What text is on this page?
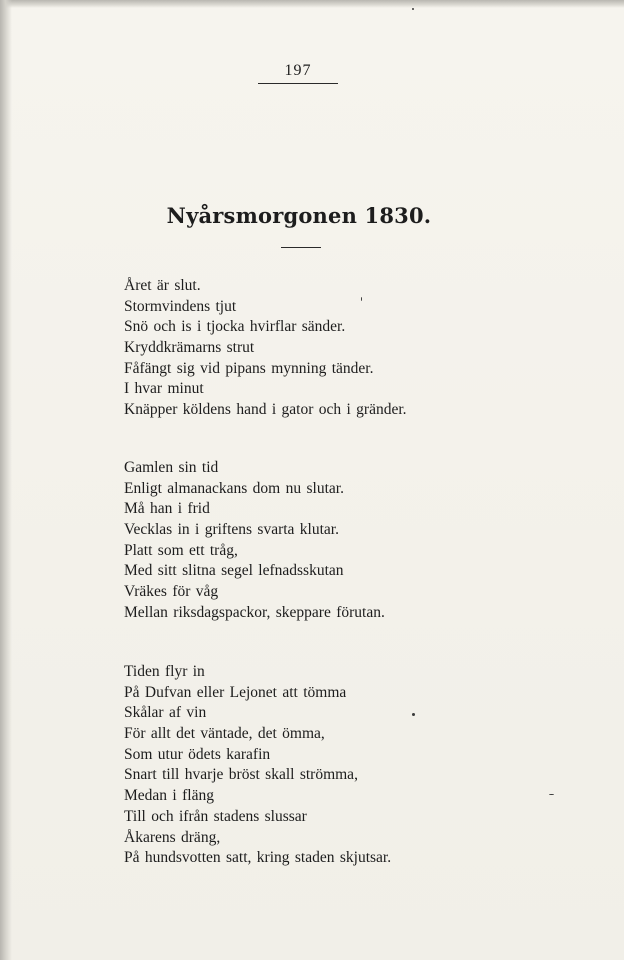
197
Nyårsmorgonen 1830.
Året är slut.
Stormvindens tjut
Snö och is i tjocka hvirflar sänder.
Kryddkrämarns strut
Fåfängt sig vid pipans mynning tänder.
I hvar minut
Knäpper köldens hand i gator och i gränder.
Gamlen sin tid
Enligt almanackans dom nu slutar.
Må han i frid
Vecklas in i griftens svarta klutar.
Platt som ett tråg,
Med sitt slitna segel lefnadsskutan
Vräkes för våg
Mellan riksdagspackor, skeppare förutan.
Tiden flyr in
På Dufvan eller Lejonet att tömma
Skålar af vin
För allt det väntade, det ömma,
Som utur ödets karafin
Snart till hvarje bröst skall strömma,
Medan i fläng
Till och ifrån stadens slussar
Åkarens dräng,
På hundsvotten satt, kring staden skjutsar.
